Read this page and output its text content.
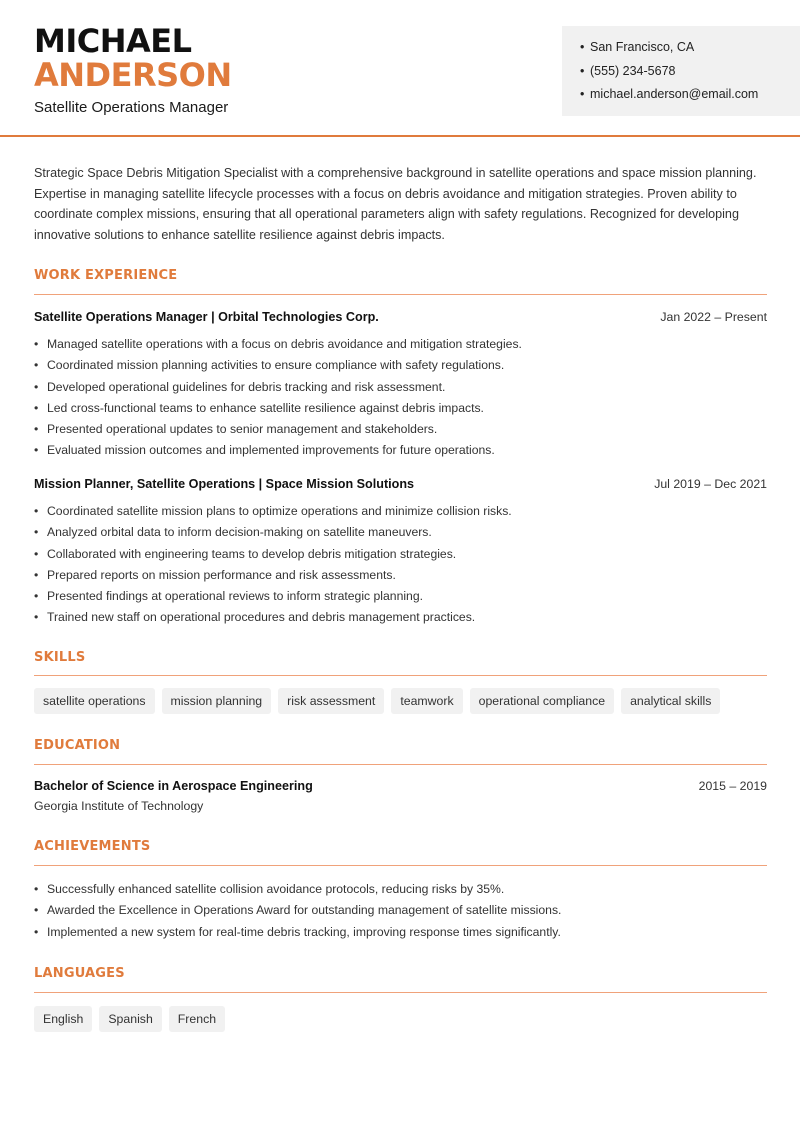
MICHAEL
ANDERSON
Satellite Operations Manager
• San Francisco, CA
• (555) 234-5678
• michael.anderson@email.com

Strategic Space Debris Mitigation Specialist with a comprehensive background in satellite operations and space mission planning. Expertise in managing satellite lifecycle processes with a focus on debris avoidance and mitigation strategies. Proven ability to coordinate complex missions, ensuring that all operational parameters align with safety regulations. Recognized for developing innovative solutions to enhance satellite resilience against debris impacts.

WORK EXPERIENCE
Satellite Operations Manager | Orbital Technologies Corp.	Jan 2022 – Present
• Managed satellite operations with a focus on debris avoidance and mitigation strategies.
• Coordinated mission planning activities to ensure compliance with safety regulations.
• Developed operational guidelines for debris tracking and risk assessment.
• Led cross-functional teams to enhance satellite resilience against debris impacts.
• Presented operational updates to senior management and stakeholders.
• Evaluated mission outcomes and implemented improvements for future operations.
Mission Planner, Satellite Operations | Space Mission Solutions	Jul 2019 – Dec 2021
• Coordinated satellite mission plans to optimize operations and minimize collision risks.
• Analyzed orbital data to inform decision-making on satellite maneuvers.
• Collaborated with engineering teams to develop debris mitigation strategies.
• Prepared reports on mission performance and risk assessments.
• Presented findings at operational reviews to inform strategic planning.
• Trained new staff on operational procedures and debris management practices.
SKILLS
satellite operations	mission planning	risk assessment	teamwork	operational compliance	analytical skills
EDUCATION
Bachelor of Science in Aerospace Engineering	2015 – 2019
Georgia Institute of Technology
ACHIEVEMENTS
• Successfully enhanced satellite collision avoidance protocols, reducing risks by 35%.
• Awarded the Excellence in Operations Award for outstanding management of satellite missions.
• Implemented a new system for real-time debris tracking, improving response times significantly.
LANGUAGES
English	Spanish	French
